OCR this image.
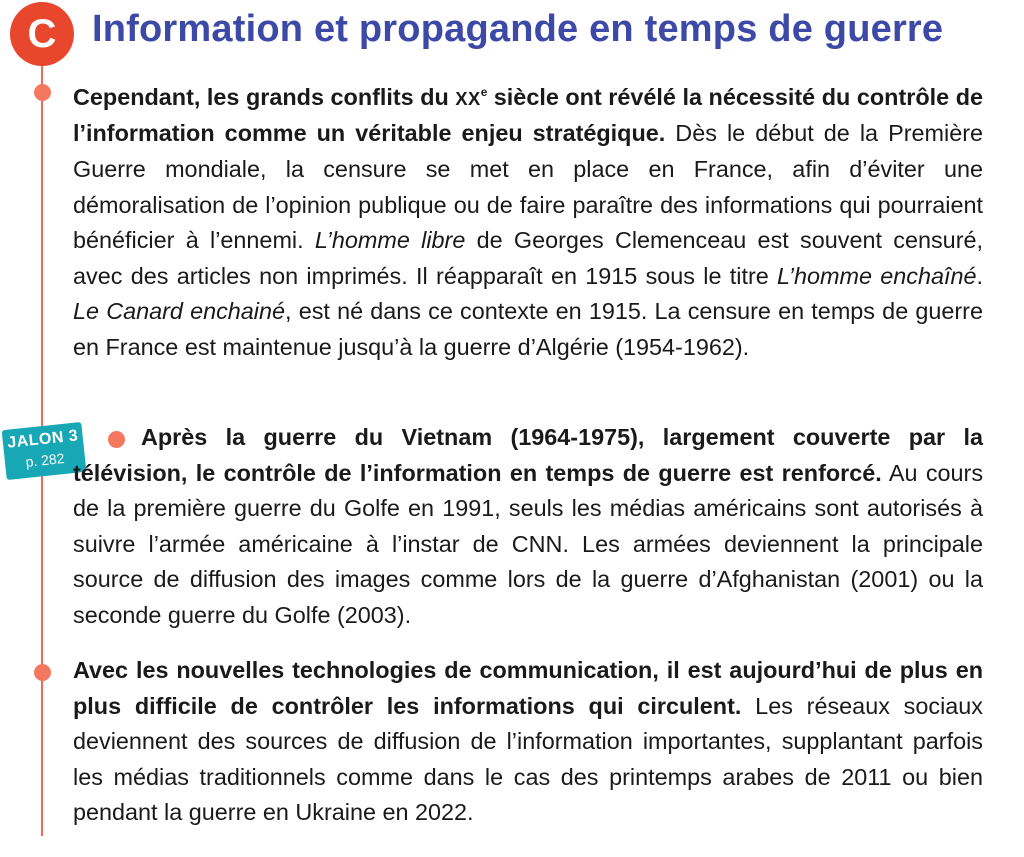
C Information et propagande en temps de guerre

Cependant, les grands conflits du XXe siècle ont révélé la nécessité du contrôle de l’information comme un véritable enjeu stratégique. Dès le début de la Première Guerre mondiale, la censure se met en place en France, afin d’éviter une démoralisation de l’opinion publique ou de faire paraître des informations qui pourraient bénéficier à l’ennemi. L’homme libre de Georges Clemenceau est souvent censuré, avec des articles non imprimés. Il réapparaît en 1915 sous le titre L’homme enchaîné. Le Canard enchainé, est né dans ce contexte en 1915. La censure en temps de guerre en France est maintenue jusqu’à la guerre d’Algérie (1954-1962).

JALON 3
p. 282

Après la guerre du Vietnam (1964-1975), largement couverte par la télévision, le contrôle de l’information en temps de guerre est renforcé. Au cours de la première guerre du Golfe en 1991, seuls les médias américains sont autorisés à suivre l’armée américaine à l’instar de CNN. Les armées deviennent la principale source de diffusion des images comme lors de la guerre d’Afghanistan (2001) ou la seconde guerre du Golfe (2003).

Avec les nouvelles technologies de communication, il est aujourd’hui de plus en plus difficile de contrôler les informations qui circulent. Les réseaux sociaux deviennent des sources de diffusion de l’information importantes, supplantant parfois les médias traditionnels comme dans le cas des printemps arabes de 2011 ou bien pendant la guerre en Ukraine en 2022.
